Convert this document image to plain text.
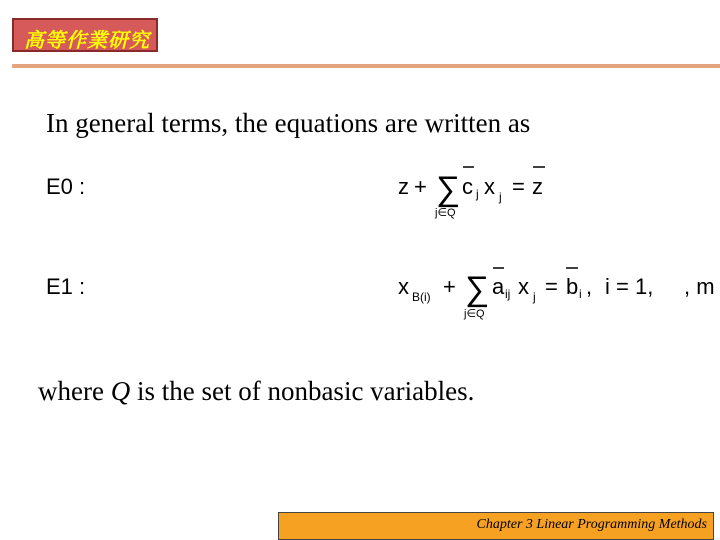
高等作業研究
In general terms, the equations are written as
E0 :
E1 :
z + ∑
j∈Q
c j x j = z
x B(i) + ∑
j∈Q
a ij x j = b i , i = 1, , m
where Q is the set of nonbasic variables.
Chapter 3 Linear Programming Methods
